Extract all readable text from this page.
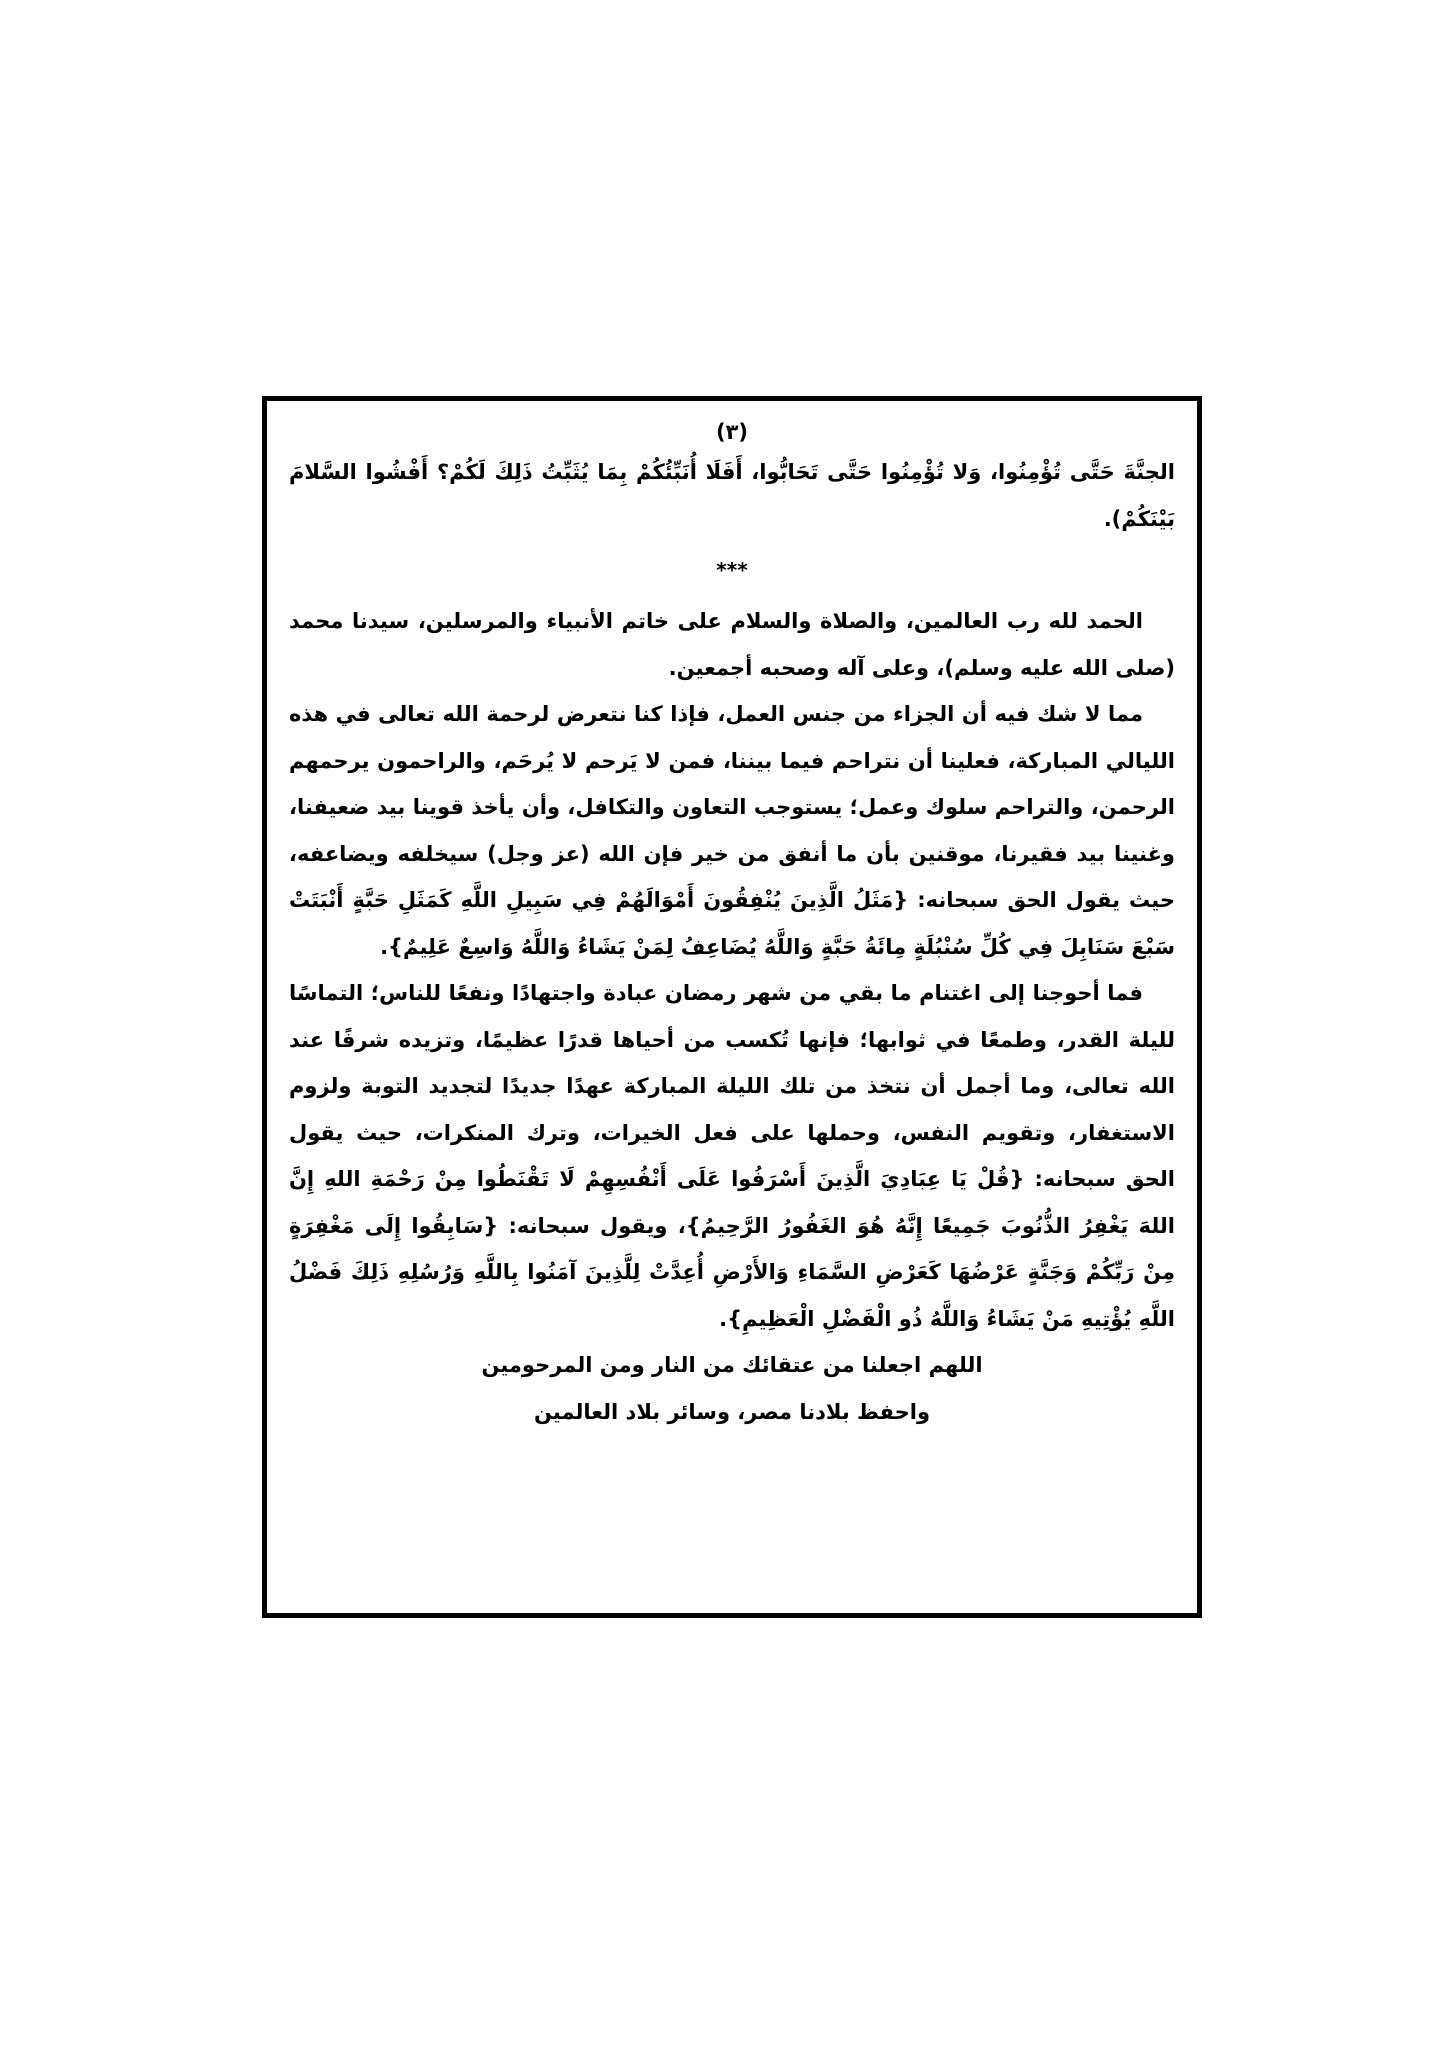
(٣)

الجنَّةَ حَتَّى تُؤْمِنُوا، وَلا تُؤْمِنُوا حَتَّى تَحَابُّوا، أَفَلَا أُنَبِّئُكُمْ بِمَا يُثَبِّتُ ذَلِكَ لَكُمْ؟ أَفْشُوا السَّلامَ بَيْنَكُمْ).

***

الحمد لله رب العالمين، والصلاة والسلام على خاتم الأنبياء والمرسلين، سيدنا محمد (صلى الله عليه وسلم)، وعلى آله وصحبه أجمعين.

مما لا شك فيه أن الجزاء من جنس العمل، فإذا كنا نتعرض لرحمة الله تعالى في هذه الليالي المباركة، فعلينا أن نتراحم فيما بيننا، فمن لا يَرحم لا يُرحَم، والراحمون يرحمهم الرحمن، والتراحم سلوك وعمل؛ يستوجب التعاون والتكافل، وأن يأخذ قوينا بيد ضعيفنا، وغنينا بيد فقيرنا، موقنين بأن ما أنفق من خير فإن الله (عز وجل) سيخلفه ويضاعفه، حيث يقول الحق سبحانه: {مَثَلُ الَّذِينَ يُنْفِقُونَ أَمْوَالَهُمْ فِي سَبِيلِ اللَّهِ كَمَثَلِ حَبَّةٍ أَنْبَتَتْ سَبْعَ سَنَابِلَ فِي كُلِّ سُنْبُلَةٍ مِائَةُ حَبَّةٍ وَاللَّهُ يُضَاعِفُ لِمَنْ يَشَاءُ وَاللَّهُ وَاسِعٌ عَلِيمٌ}.

فما أحوجنا إلى اغتنام ما بقي من شهر رمضان عبادة واجتهادًا ونفعًا للناس؛ التماسًا لليلة القدر، وطمعًا في ثوابها؛ فإنها تُكسب من أحياها قدرًا عظيمًا، وتزيده شرفًا عند الله تعالى، وما أجمل أن نتخذ من تلك الليلة المباركة عهدًا جديدًا لتجديد التوبة ولزوم الاستغفار، وتقويم النفس، وحملها على فعل الخيرات، وترك المنكرات، حيث يقول الحق سبحانه: {قُلْ يَا عِبَادِيَ الَّذِينَ أَسْرَفُوا عَلَى أَنْفُسِهِمْ لَا تَقْنَطُوا مِنْ رَحْمَةِ اللهِ إِنَّ اللهَ يَغْفِرُ الذُّنُوبَ جَمِيعًا إِنَّهُ هُوَ الغَفُورُ الرَّحِيمُ}، ويقول سبحانه: {سَابِقُوا إِلَى مَغْفِرَةٍ مِنْ رَبِّكُمْ وَجَنَّةٍ عَرْضُهَا كَعَرْضِ السَّمَاءِ وَالأَرْضِ أُعِدَّتْ لِلَّذِينَ آمَنُوا بِاللَّهِ وَرُسُلِهِ ذَلِكَ فَضْلُ اللَّهِ يُؤْتِيهِ مَنْ يَشَاءُ وَاللَّهُ ذُو الْفَضْلِ الْعَظِيمِ}.

اللهم اجعلنا من عتقائك من النار ومن المرحومين

واحفظ بلادنا مصر، وسائر بلاد العالمين
